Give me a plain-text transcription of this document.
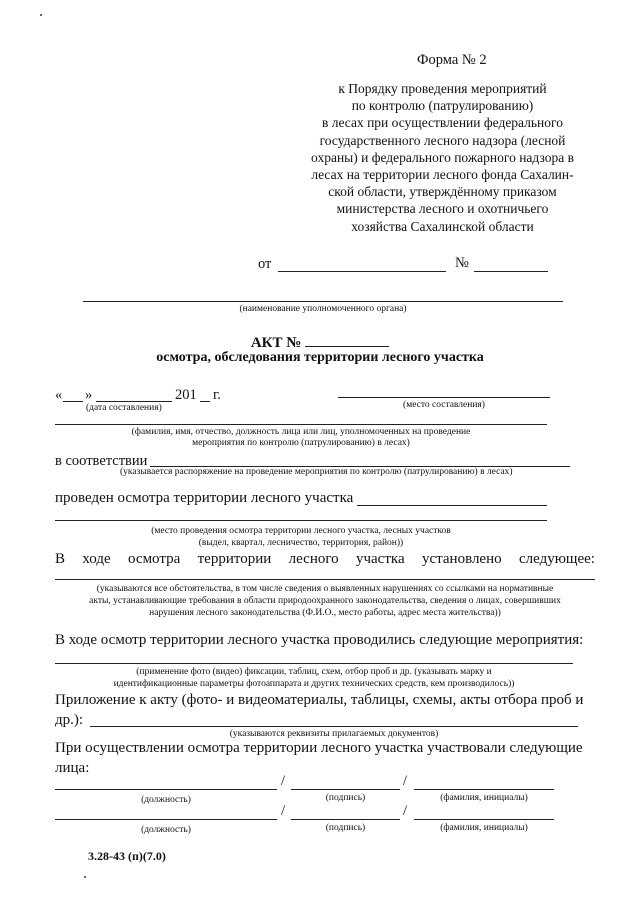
Форма № 2
к Порядку проведения мероприятий
по контролю (патрулированию)
в лесах при осуществлении федерального
государственного лесного надзора (лесной
охраны) и федерального пожарного надзора в
лесах на территории лесного фонда Сахалин-
ской области, утверждённому приказом
министерства лесного и охотничьего
хозяйства Сахалинской области
от	№
(наименование уполномоченного органа)
АКТ №
осмотра, обследования территории лесного участка
« »	201 г.
(дата составления)	(место составления)
(фамилия, имя, отчество, должность лица или лиц, уполномоченных на проведение
мероприятия по контролю (патрулированию) в лесах)
в соответствии
(указывается распоряжение на проведение мероприятия по контролю (патрулированию) в лесах)
проведен осмотра территории лесного участка
(место проведения осмотра территории лесного участка, лесных участков
(выдел, квартал, лесничество, территория, район))
В ходе осмотра территории лесного участка установлено следующее:
(указываются все обстоятельства, в том числе сведения о выявленных нарушениях со ссылками на нормативные
акты, устанавливающие требования в области природоохранного законодательства, сведения о лицах, совершивших
нарушения лесного законодательства (Ф.И.О., место работы, адрес места жительства))
В ходе осмотр территории лесного участка проводились следующие мероприятия:
(применение фото (видео) фиксации, таблиц, схем, отбор проб и др. (указывать марку и
идентификационные параметры фотоаппарата и других технических средств, кем производилось))
Приложение к акту (фото- и видеоматериалы, таблицы, схемы, акты отбора проб и
др.):
(указываются реквизиты прилагаемых документов)
При осуществлении осмотра территории лесного участка участвовали следующие
лица:
/	/
(должность)	(подпись)	(фамилия, инициалы)
/	/
(должность)	(подпись)	(фамилия, инициалы)
3.28-43 (п)(7.0)
